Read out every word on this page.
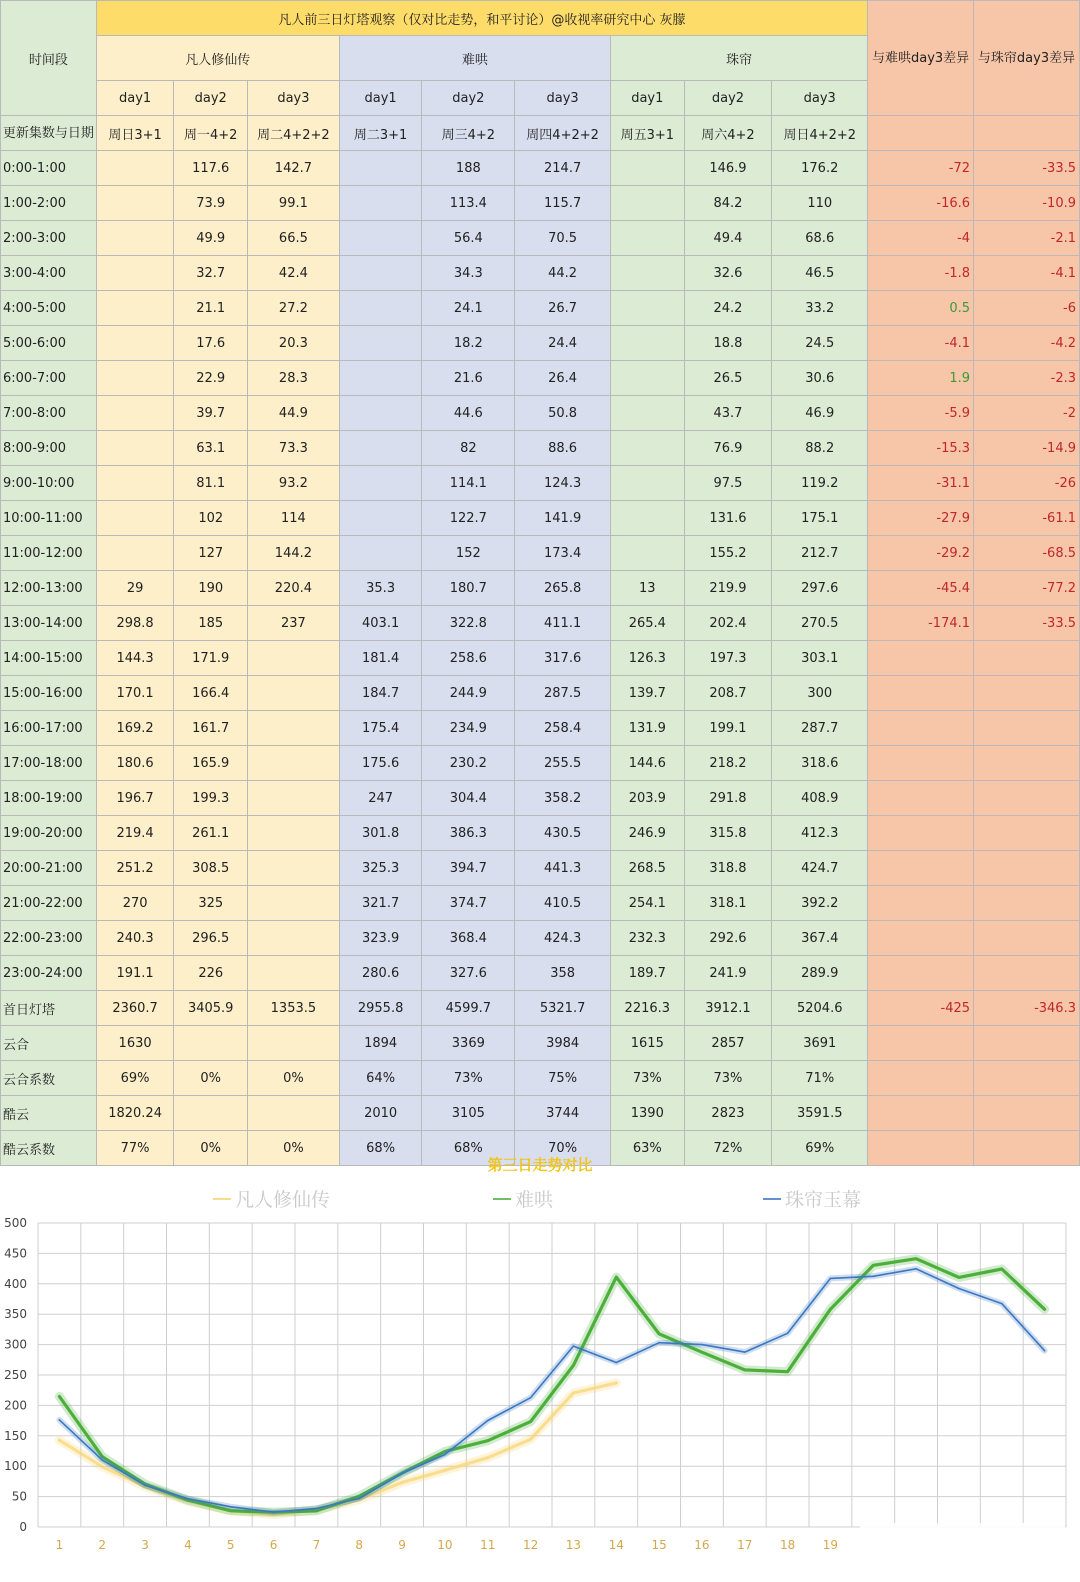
时间段	凡人前三日灯塔观察（仅对比走势，和平讨论）@收视率研究中心 灰朦									与难哄day3差异	与珠帘day3差异
	凡人修仙传			难哄			珠帘				
	day1	day2	day3	day1	day2	day3	day1	day2	day3		
更新集数与日期	周日3+1	周一4+2	周二4+2+2	周二3+1	周三4+2	周四4+2+2	周五3+1	周六4+2	周日4+2+2		
0:00-1:00		117.6	142.7		188	214.7		146.9	176.2	-72	-33.5
1:00-2:00		73.9	99.1		113.4	115.7		84.2	110	-16.6	-10.9
2:00-3:00		49.9	66.5		56.4	70.5		49.4	68.6	-4	-2.1
3:00-4:00		32.7	42.4		34.3	44.2		32.6	46.5	-1.8	-4.1
4:00-5:00		21.1	27.2		24.1	26.7		24.2	33.2	0.5	-6
5:00-6:00		17.6	20.3		18.2	24.4		18.8	24.5	-4.1	-4.2
6:00-7:00		22.9	28.3		21.6	26.4		26.5	30.6	1.9	-2.3
7:00-8:00		39.7	44.9		44.6	50.8		43.7	46.9	-5.9	-2
8:00-9:00		63.1	73.3		82	88.6		76.9	88.2	-15.3	-14.9
9:00-10:00		81.1	93.2		114.1	124.3		97.5	119.2	-31.1	-26
10:00-11:00		102	114		122.7	141.9		131.6	175.1	-27.9	-61.1
11:00-12:00		127	144.2		152	173.4		155.2	212.7	-29.2	-68.5
12:00-13:00	29	190	220.4	35.3	180.7	265.8	13	219.9	297.6	-45.4	-77.2
13:00-14:00	298.8	185	237	403.1	322.8	411.1	265.4	202.4	270.5	-174.1	-33.5
14:00-15:00	144.3	171.9		181.4	258.6	317.6	126.3	197.3	303.1		
15:00-16:00	170.1	166.4		184.7	244.9	287.5	139.7	208.7	300		
16:00-17:00	169.2	161.7		175.4	234.9	258.4	131.9	199.1	287.7		
17:00-18:00	180.6	165.9		175.6	230.2	255.5	144.6	218.2	318.6		
18:00-19:00	196.7	199.3		247	304.4	358.2	203.9	291.8	408.9		
19:00-20:00	219.4	261.1		301.8	386.3	430.5	246.9	315.8	412.3		
20:00-21:00	251.2	308.5		325.3	394.7	441.3	268.5	318.8	424.7		
21:00-22:00	270	325		321.7	374.7	410.5	254.1	318.1	392.2		
22:00-23:00	240.3	296.5		323.9	368.4	424.3	232.3	292.6	367.4		
23:00-24:00	191.1	226		280.6	327.6	358	189.7	241.9	289.9		
首日灯塔	2360.7	3405.9	1353.5	2955.8	4599.7	5321.7	2216.3	3912.1	5204.6	-425	-346.3
云合	1630			1894	3369	3984	1615	2857	3691		
云合系数	69%	0%	0%	64%	73%	75%	73%	73%	71%		
酷云	1820.24			2010	3105	3744	1390	2823	3591.5		
酷云系数	77%	0%	0%	68%	68%	70%	63%	72%	69%		
第三日走势对比
凡人修仙传	难哄	珠帘玉幕
0
50
100
150
200
250
300
350
400
450
500
1	2	3	4	5	6	7	8	9	10 11 12 13 14 15 16 17 18 19
